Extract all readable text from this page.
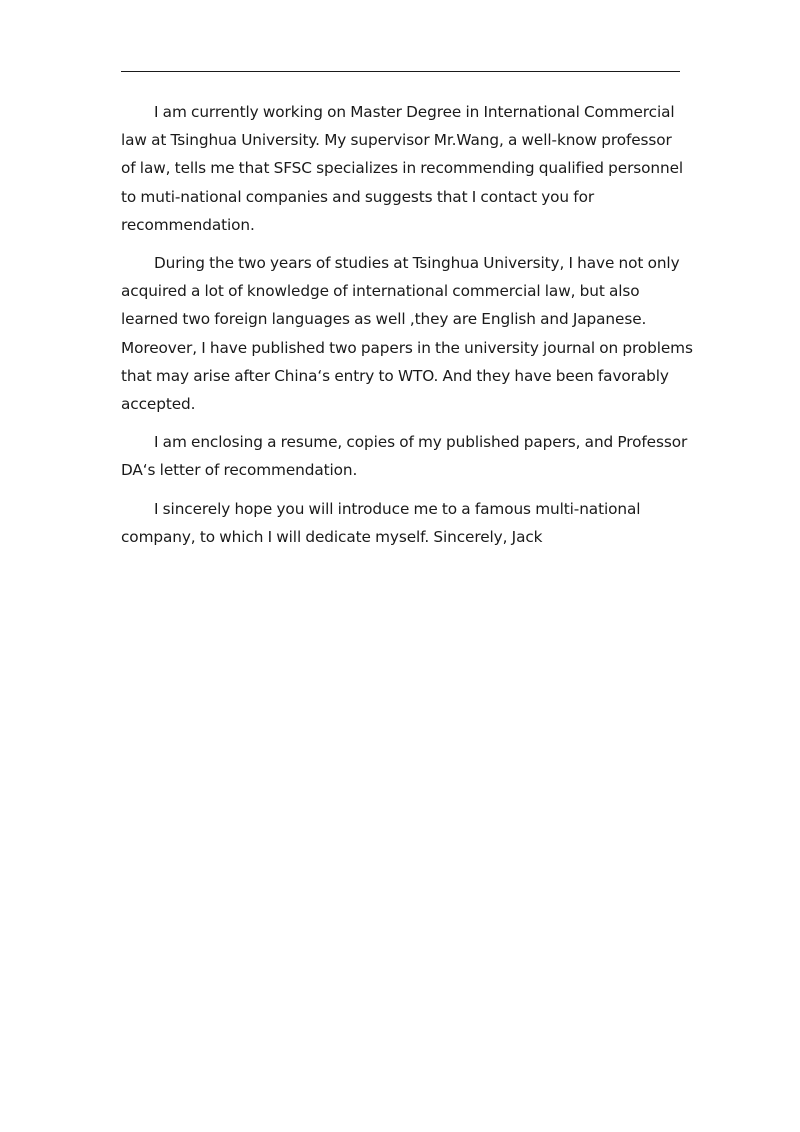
I am currently working on Master Degree in International Commercial
law at Tsinghua University. My supervisor Mr.Wang, a well-know professor
of law, tells me that SFSC specializes in recommending qualified personnel
to muti-national companies and suggests that I contact you for
recommendation.

During the two years of studies at Tsinghua University, I have not only
acquired a lot of knowledge of international commercial law, but also
learned two foreign languages as well ,they are English and Japanese.
Moreover, I have published two papers in the university journal on problems
that may arise after China‘s entry to WTO. And they have been favorably
accepted.

I am enclosing a resume, copies of my published papers, and Professor
DA‘s letter of recommendation.

I sincerely hope you will introduce me to a famous multi-national
company, to which I will dedicate myself. Sincerely, Jack
